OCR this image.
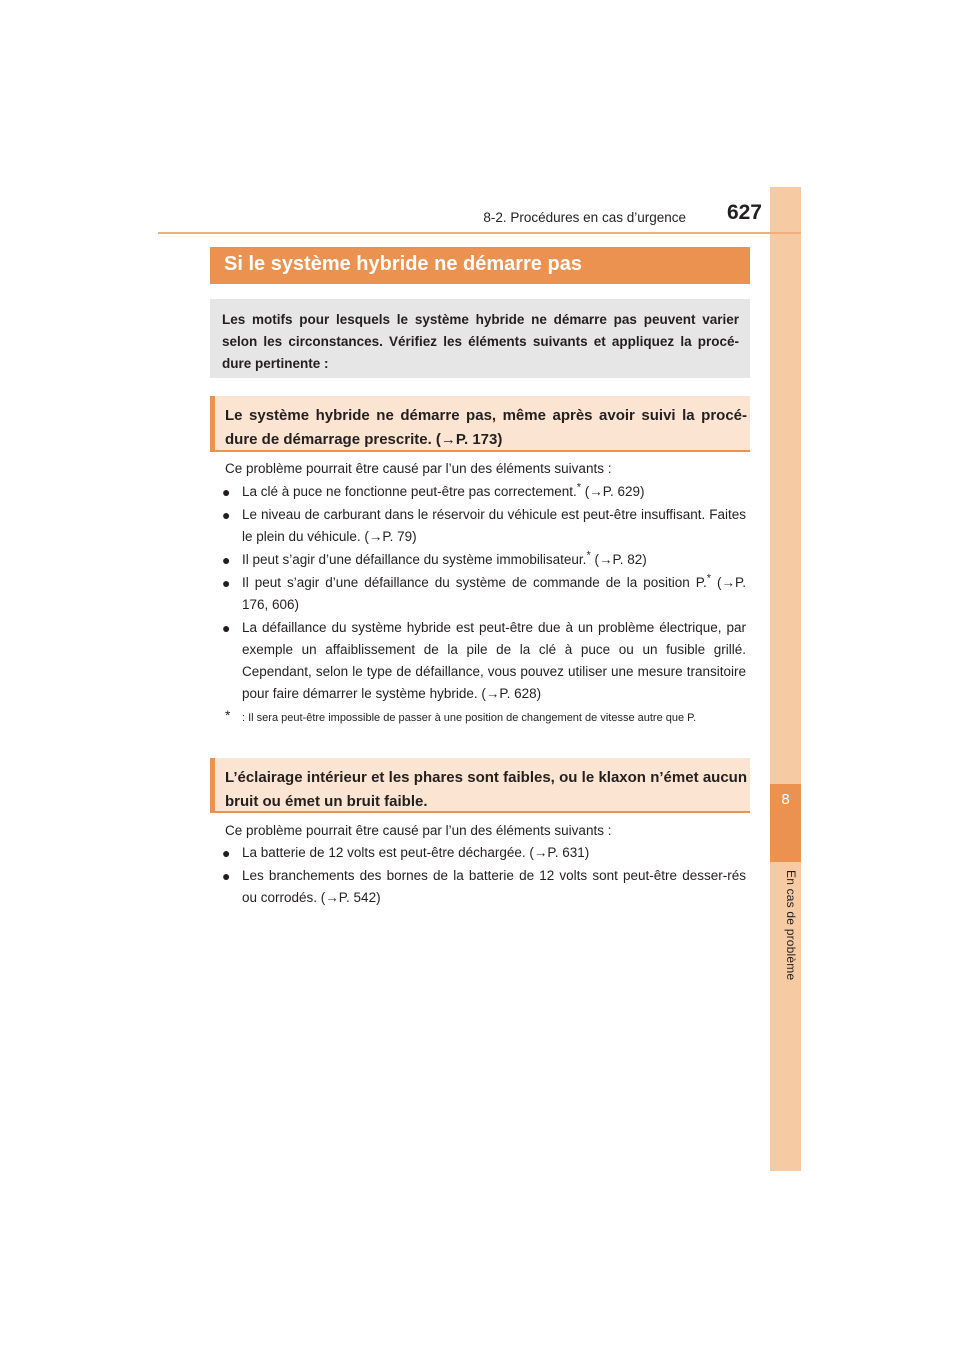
8
En cas de problème
8-2. Procédures en cas d’urgence	627
Si le système hybride ne démarre pas
Les motifs pour lesquels le système hybride ne démarre pas peuvent varier selon les circonstances. Vérifiez les éléments suivants et appliquez la procé-dure pertinente :
Le système hybride ne démarre pas, même après avoir suivi la procé-dure de démarrage prescrite. (→P. 173)
Ce problème pourrait être causé par l’un des éléments suivants :
● La clé à puce ne fonctionne peut-être pas correctement.* (→P. 629)
● Le niveau de carburant dans le réservoir du véhicule est peut-être insuffisant. Faites le plein du véhicule. (→P. 79)
● Il peut s’agir d’une défaillance du système immobilisateur.* (→P. 82)
● Il peut s’agir d’une défaillance du système de commande de la position P.* (→P. 176, 606)
● La défaillance du système hybride est peut-être due à un problème électrique, par exemple un affaiblissement de la pile de la clé à puce ou un fusible grillé. Cependant, selon le type de défaillance, vous pouvez utiliser une mesure transitoire pour faire démarrer le système hybride. (→P. 628)
* : Il sera peut-être impossible de passer à une position de changement de vitesse autre que P.
L’éclairage intérieur et les phares sont faibles, ou le klaxon n’émet aucun bruit ou émet un bruit faible.
Ce problème pourrait être causé par l’un des éléments suivants :
● La batterie de 12 volts est peut-être déchargée. (→P. 631)
● Les branchements des bornes de la batterie de 12 volts sont peut-être desser-rés ou corrodés. (→P. 542)
